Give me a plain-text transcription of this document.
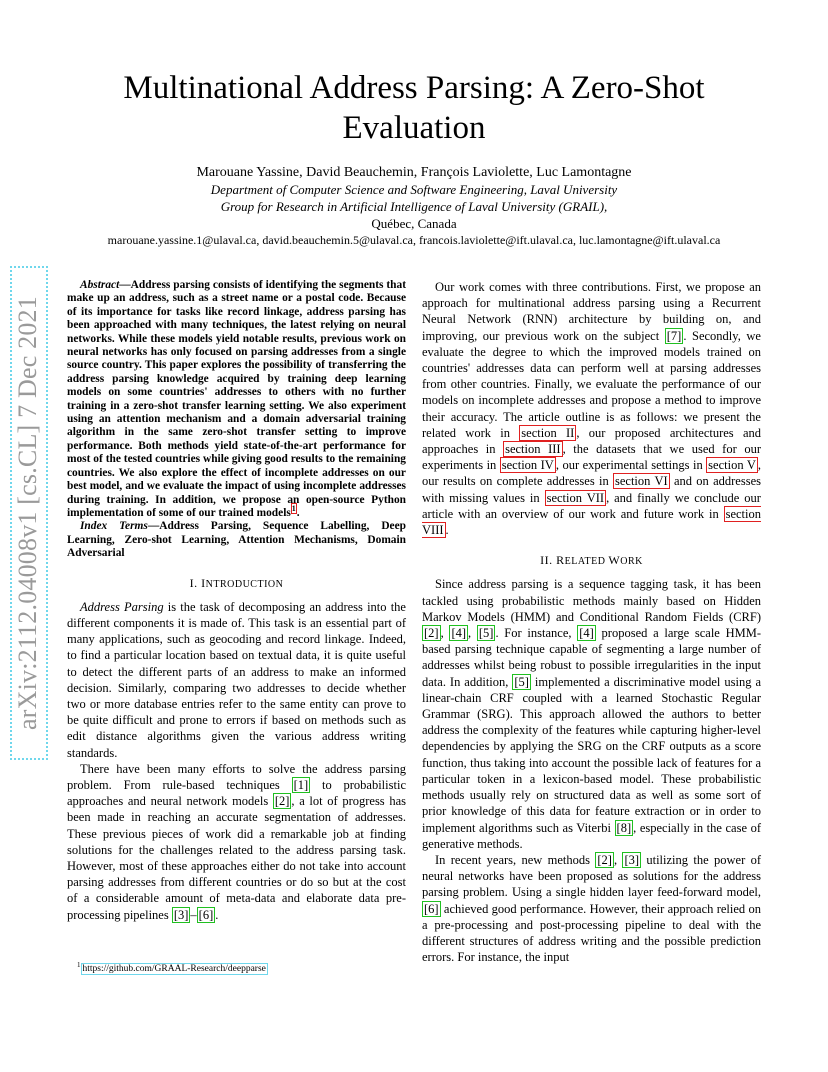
arXiv:2112.04008v1 [cs.CL] 7 Dec 2021
Multinational Address Parsing: A Zero-Shot Evaluation
Marouane Yassine, David Beauchemin, François Laviolette, Luc Lamontagne
Department of Computer Science and Software Engineering, Laval University
Group for Research in Artificial Intelligence of Laval University (GRAIL),
Québec, Canada
marouane.yassine.1@ulaval.ca, david.beauchemin.5@ulaval.ca, francois.laviolette@ift.ulaval.ca, luc.lamontagne@ift.ulaval.ca

Abstract—Address parsing consists of identifying the segments that make up an address, such as a street name or a postal code. Because of its importance for tasks like record linkage, address parsing has been approached with many techniques, the latest relying on neural networks. While these models yield notable results, previous work on neural networks has only focused on parsing addresses from a single source country. This paper explores the possibility of transferring the address parsing knowledge acquired by training deep learning models on some countries' addresses to others with no further training in a zero-shot transfer learning setting. We also experiment using an attention mechanism and a domain adversarial training algorithm in the same zero-shot transfer setting to improve performance. Both methods yield state-of-the-art performance for most of the tested countries while giving good results to the remaining countries. We also explore the effect of incomplete addresses on our best model, and we evaluate the impact of using incomplete addresses during training. In addition, we propose an open-source Python implementation of some of our trained models$^1$.

Index Terms—Address Parsing, Sequence Labelling, Deep Learning, Zero-shot Learning, Attention Mechanisms, Domain Adversarial

I. INTRODUCTION

Address Parsing is the task of decomposing an address into the different components it is made of. This task is an essential part of many applications, such as geocoding and record linkage. Indeed, to find a particular location based on textual data, it is quite useful to detect the different parts of an address to make an informed decision. Similarly, comparing two addresses to decide whether two or more database entries refer to the same entity can prove to be quite difficult and prone to errors if based on methods such as edit distance algorithms given the various address writing standards.

There have been many efforts to solve the address parsing problem. From rule-based techniques [1] to probabilistic approaches and neural network models [2] , a lot of progress has been made in reaching an accurate segmentation of addresses. These previous pieces of work did a remarkable job at finding solutions for the challenges related to the address parsing task. However, most of these approaches either do not take into account parsing addresses from different countries or do so but at the cost of a considerable amount of meta-data and elaborate data pre-processing pipelines [3] – [6] .

$^1$ https://github.com/GRAAL-Research/deepparse

Our work comes with three contributions. First, we propose an approach for multinational address parsing using a Recurrent Neural Network (RNN) architecture by building on, and improving, our previous work on the subject [7] . Secondly, we evaluate the degree to which the improved models trained on countries' addresses data can perform well at parsing addresses from other countries. Finally, we evaluate the performance of our models on incomplete addresses and propose a method to improve their accuracy. The article outline is as follows: we present the related work in section II , our proposed architectures and approaches in section III , the datasets that we used for our experiments in section IV , our experimental settings in section V , our results on complete addresses in section VI and on addresses with missing values in section VII , and finally we conclude our article with an overview of our work and future work in section VIII .

II. RELATED WORK

Since address parsing is a sequence tagging task, it has been tackled using probabilistic methods mainly based on Hidden Markov Models (HMM) and Conditional Random Fields (CRF) [2] , [4] , [5] . For instance, [4] proposed a large scale HMM-based parsing technique capable of segmenting a large number of addresses whilst being robust to possible irregularities in the input data. In addition, [5] implemented a discriminative model using a linear-chain CRF coupled with a learned Stochastic Regular Grammar (SRG). This approach allowed the authors to better address the complexity of the features while capturing higher-level dependencies by applying the SRG on the CRF outputs as a score function, thus taking into account the possible lack of features for a particular token in a lexicon-based model. These probabilistic methods usually rely on structured data as well as some sort of prior knowledge of this data for feature extraction or in order to implement algorithms such as Viterbi [8] , especially in the case of generative methods.

In recent years, new methods [2] , [3] utilizing the power of neural networks have been proposed as solutions for the address parsing problem. Using a single hidden layer feed-forward model, [6] achieved good performance. However, their approach relied on a pre-processing and post-processing pipeline to deal with the different structures of address writing and the possible prediction errors. For instance, the input
